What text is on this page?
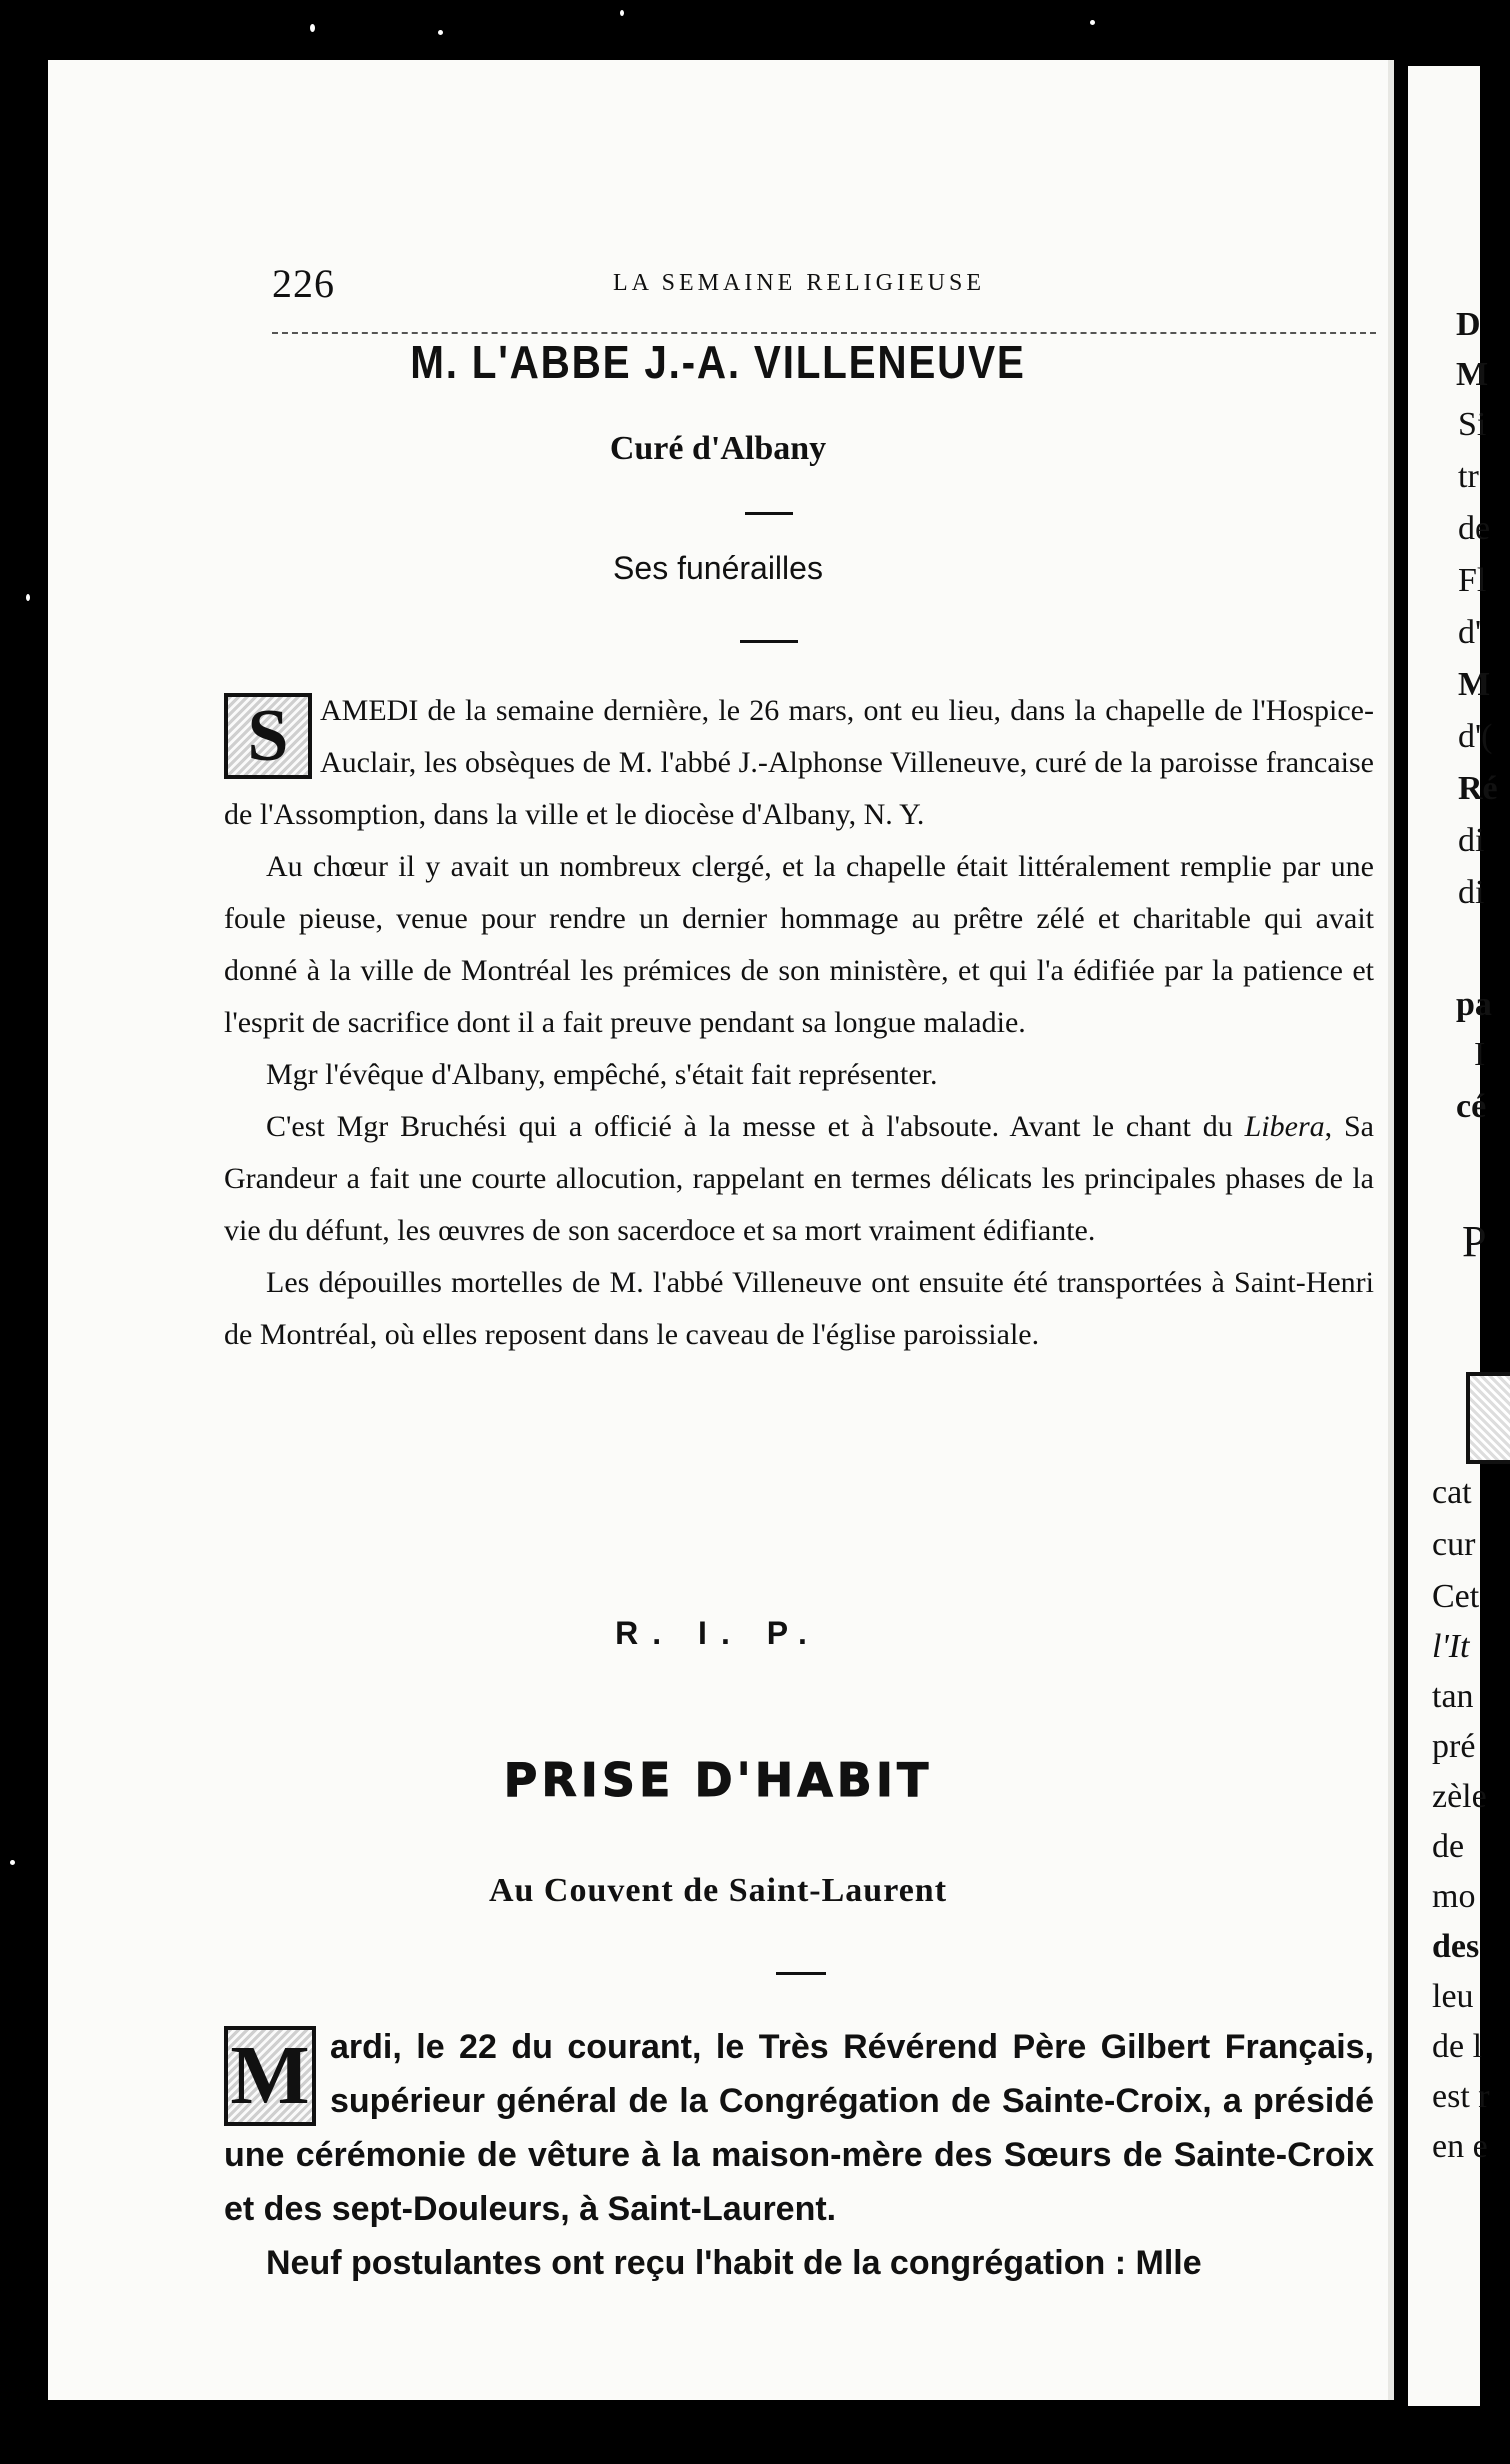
226	LA SEMAINE RELIGIEUSE
M. L'ABBE J.-A. VILLENEUVE
Curé d'Albany
Ses funérailles

S	AMEDI de la semaine dernière, le 26 mars, ont eu lieu, dans la chapelle de l'Hospice-Auclair, les obsèques de M. l'abbé J.-Alphonse Villeneuve, curé de la paroisse francaise de l'Assomption, dans la ville et le diocèse d'Albany, N. Y.

Au chœur il y avait un nombreux clergé, et la chapelle était littéralement remplie par une foule pieuse, venue pour rendre un dernier hommage au prêtre zélé et charitable qui avait donné à la ville de Montréal les prémices de son ministère, et qui l'a édifiée par la patience et l'esprit de sacrifice dont il a fait preuve pendant sa longue maladie.

Mgr l'évêque d'Albany, empêché, s'était fait représenter.

C'est Mgr Bruchési qui a officié à la messe et à l'absoute. Avant le chant du Libera, Sa Grandeur a fait une courte allocution, rappelant en termes délicats les principales phases de la vie du défunt, les œuvres de son sacerdoce et sa mort vraiment édifiante.

Les dépouilles mortelles de M. l'abbé Villeneuve ont ensuite été transportées à Saint-Henri de Montréal, où elles reposent dans le caveau de l'église paroissiale.

R. I. P.
PRISE D'HABIT
Au Couvent de Saint-Laurent

M ardi, le 22 du courant, le Très Révérend Père Gilbert Français, supérieur général de la Congrégation de Sainte-Croix, a présidé une cérémonie de vêture à la maison-mère des Sœurs de Sainte-Croix et des sept-Douleurs, à Saint-Laurent.

Neuf postulantes ont reçu l'habit de la congrégation : Mlle

D
M
Si
tr
de
Fl
d'
M
d'(
Ré
di
di
pa
I
cé
P
cat
cur
Cet
l'It
tan
pré
zèle
de
mo
des
leu
de l
est r
en e
